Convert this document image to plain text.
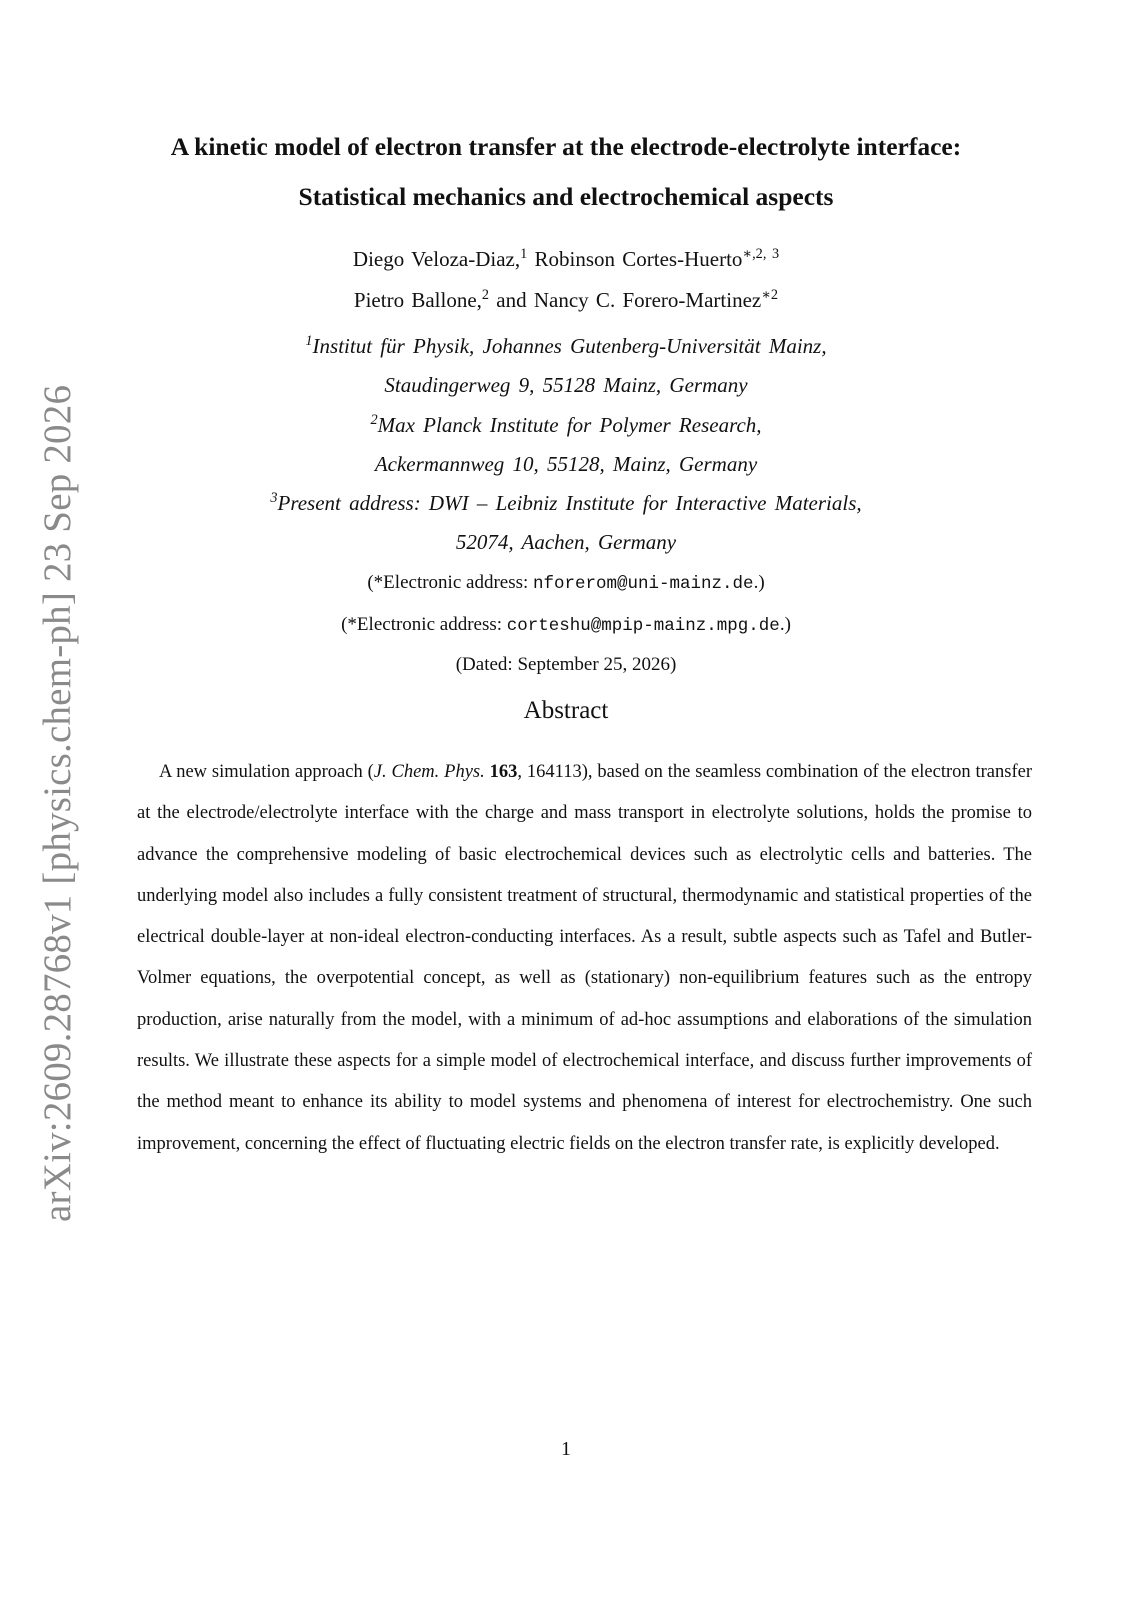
arXiv:2609.28768v1 [physics.chem-ph] 23 Sep 2026
A kinetic model of electron transfer at the electrode-electrolyte interface:
Statistical mechanics and electrochemical aspects
Diego Veloza-Diaz,$^1$ Robinson Cortes-Huerto$^{∗,2, 3}$
Pietro Ballone,$^2$ and Nancy C. Forero-Martinez$^{∗2}$
$^1$Institut für Physik, Johannes Gutenberg-Universität Mainz,
Staudingerweg 9, 55128 Mainz, Germany
$^2$Max Planck Institute for Polymer Research,
Ackermannweg 10, 55128, Mainz, Germany
$^3$Present address: DWI – Leibniz Institute for Interactive Materials,
52074, Aachen, Germany
(*Electronic address: nforerom@uni-mainz.de.)
(*Electronic address: corteshu@mpip-mainz.mpg.de.)
(Dated: September 25, 2026)
Abstract

A new simulation approach (J. Chem. Phys. 163, 164113), based on the seamless combination of the electron transfer at the electrode/electrolyte interface with the charge and mass transport in electrolyte solutions, holds the promise to advance the comprehensive modeling of basic electrochemical devices such as electrolytic cells and batteries. The underlying model also includes a fully consistent treatment of structural, thermodynamic and statistical properties of the electrical double-layer at non-ideal electron-conducting interfaces. As a result, subtle aspects such as Tafel and Butler-Volmer equations, the overpotential concept, as well as (stationary) non-equilibrium features such as the entropy production, arise naturally from the model, with a minimum of ad-hoc assumptions and elaborations of the simulation results. We illustrate these aspects for a simple model of electrochemical interface, and discuss further improvements of the method meant to enhance its ability to model systems and phenomena of interest for electrochemistry. One such improvement, concerning the effect of fluctuating electric fields on the electron transfer rate, is explicitly developed.

1
